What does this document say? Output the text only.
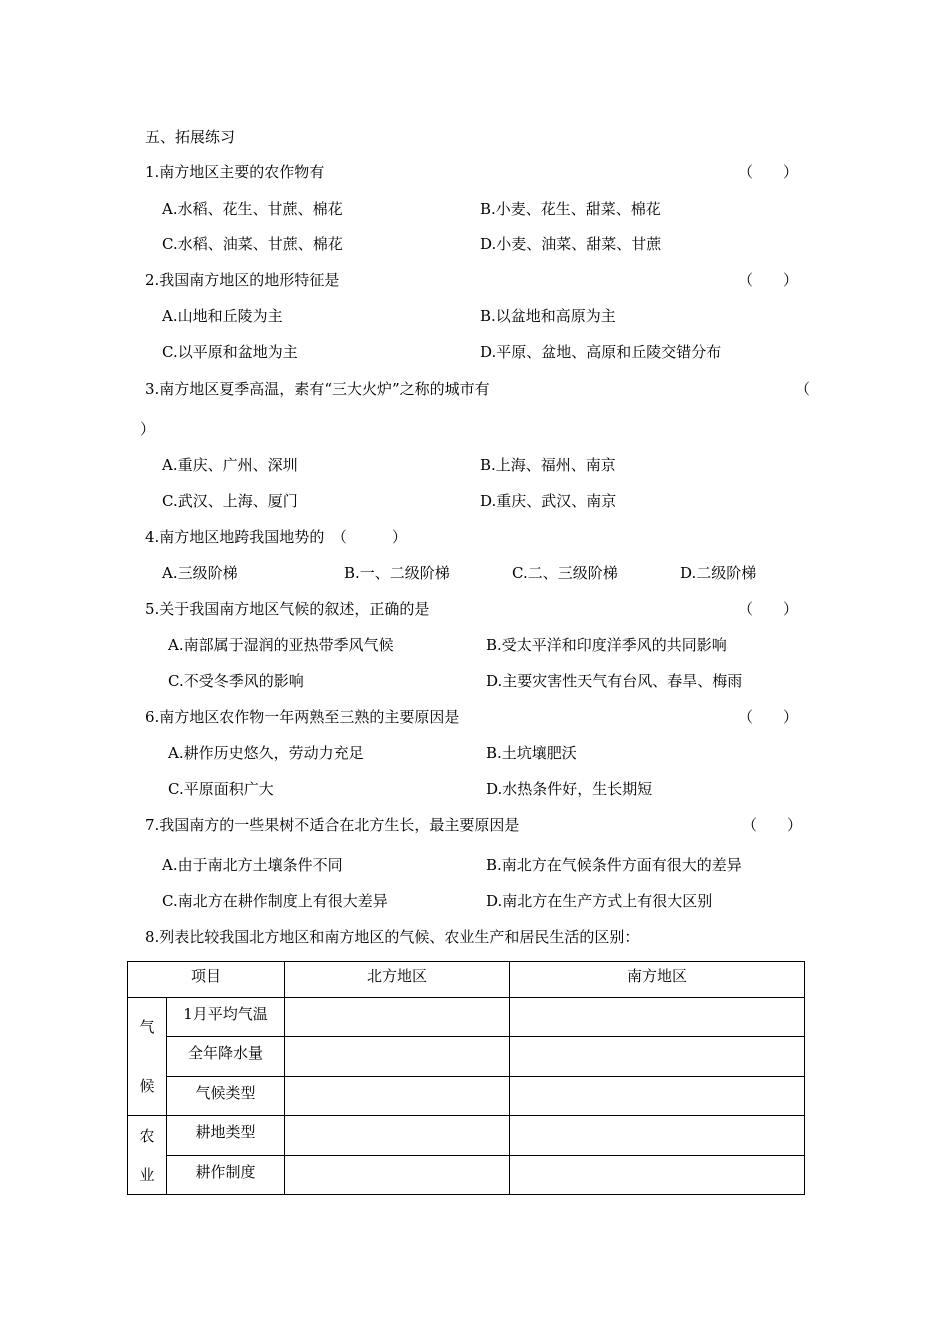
五、拓展练习
1.南方地区主要的农作物有	（　　）
A.水稻、花生、甘蔗、棉花	B.小麦、花生、甜菜、棉花
C.水稻、油菜、甘蔗、棉花	D.小麦、油菜、甜菜、甘蔗
2.我国南方地区的地形特征是	（　　）
A.山地和丘陵为主	B.以盆地和高原为主
C.以平原和盆地为主	D.平原、盆地、高原和丘陵交错分布
3.南方地区夏季高温，素有“三大火炉”之称的城市有	（
）
A.重庆、广州、深圳	B.上海、福州、南京
C.武汉、上海、厦门	D.重庆、武汉、南京
4.南方地区地跨我国地势的　（　　　）
A.三级阶梯	B.一、二级阶梯	C.二、三级阶梯	D.二级阶梯
5.关于我国南方地区气候的叙述，正确的是	（　　）
A.南部属于湿润的亚热带季风气候	B.受太平洋和印度洋季风的共同影响
C.不受冬季风的影响	D.主要灾害性天气有台风、春旱、梅雨
6.南方地区农作物一年两熟至三熟的主要原因是	（　　）
A.耕作历史悠久，劳动力充足	B.土坑壤肥沃
C.平原面积广大	D.水热条件好，生长期短
7.我国南方的一些果树不适合在北方生长，最主要原因是	（　　）
A.由于南北方土壤条件不同	B.南北方在气候条件方面有很大的差异
C.南北方在耕作制度上有很大差异	D.南北方在生产方式上有很大区别
8.列表比较我国北方地区和南方地区的气候、农业生产和居民生活的区别：
项目		北方地区	南方地区

气
候	1月平均气温		
	全年降水量		
	气候类型		

农
业	耕地类型		
	耕作制度		
